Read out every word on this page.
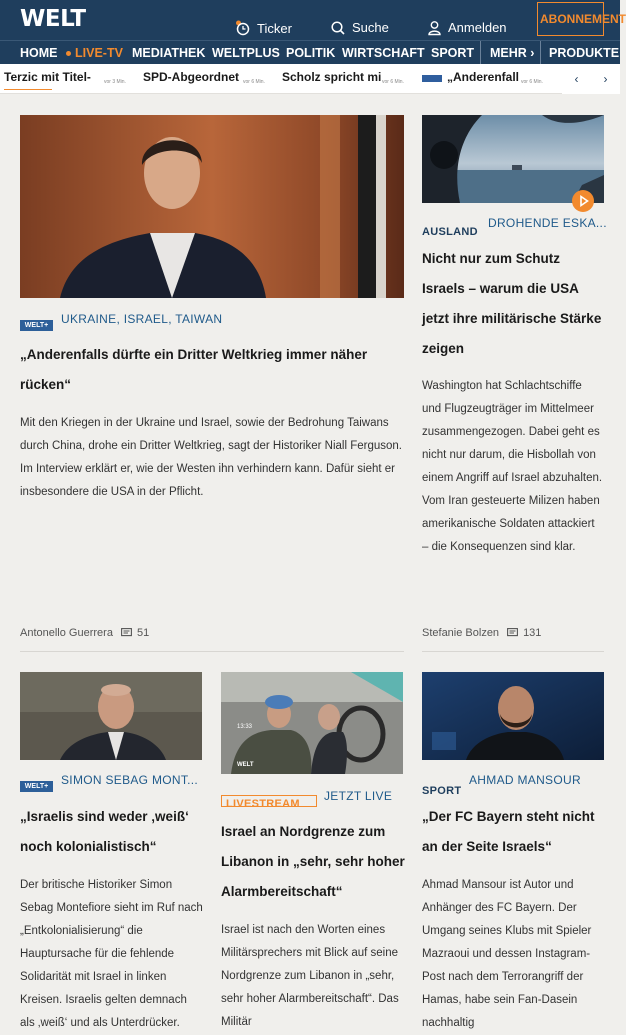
WELT	Ticker	Suche	Anmelden
ABONNEMENT
HOME	LIVE-TV MEDIATHEK WELTPLUS POLITIK WIRTSCHAFT SPORT MEHR › PRODUKTE
Terzic mit Titel-	vor 3 Min. SPD-Abgeordnet vor 6 Min. Scholz spricht mi vor 6 Min.	„Anderenfall vor 6 Min.	‹ ›
WELT+	UKRAINE, ISRAEL, TAIWAN
„Anderenfalls dürfte ein Dritter Weltkrieg immer näher rücken“
Mit den Kriegen in der Ukraine und Israel, sowie der Bedrohung Taiwans durch China, drohe ein Dritter Weltkrieg, sagt der Historiker Niall Ferguson. Im Interview erklärt er, wie der Westen ihn verhindern kann. Dafür sieht er insbesondere die USA in der Pflicht.
Antonello Guerrera 51
AUSLAND
DROHENDE ESKA...
Nicht nur zum Schutz Israels – warum die USA jetzt ihre militärische Stärke zeigen
Washington hat Schlachtschiffe und Flugzeugträger im Mittelmeer zusammengezogen. Dabei geht es nicht nur darum, die Hisbollah von einem Angriff auf Israel abzuhalten. Vom Iran gesteuerte Milizen haben amerikanische Soldaten attackiert – die Konsequenzen sind klar.
Stefanie Bolzen 131
WELT+	SIMON SEBAG MONT...
„Israelis sind weder ‚weiß‘ noch kolonialistisch“
Der britische Historiker Simon Sebag Montefiore sieht im Ruf nach „Entkolonialisierung“ die Hauptursache für die fehlende Solidarität mit Israel in linken Kreisen. Israelis gelten demnach als ‚weiß‘ und als Unterdrücker.
WELT
13:33
LIVESTREAM
JETZT LIVE
Israel an Nordgrenze zum Libanon in „sehr, sehr hoher Alarmbereitschaft“
Israel ist nach den Worten eines Militärsprechers mit Blick auf seine Nordgrenze zum Libanon in „sehr, sehr hoher Alarmbereitschaft“. Das Militär
SPORT
AHMAD MANSOUR
„Der FC Bayern steht nicht an der Seite Israels“
Ahmad Mansour ist Autor und Anhänger des FC Bayern. Der Umgang seines Klubs mit Spieler Mazraoui und dessen Instagram-Post nach dem Terrorangriff der Hamas, habe sein Fan-Dasein nachhaltig
